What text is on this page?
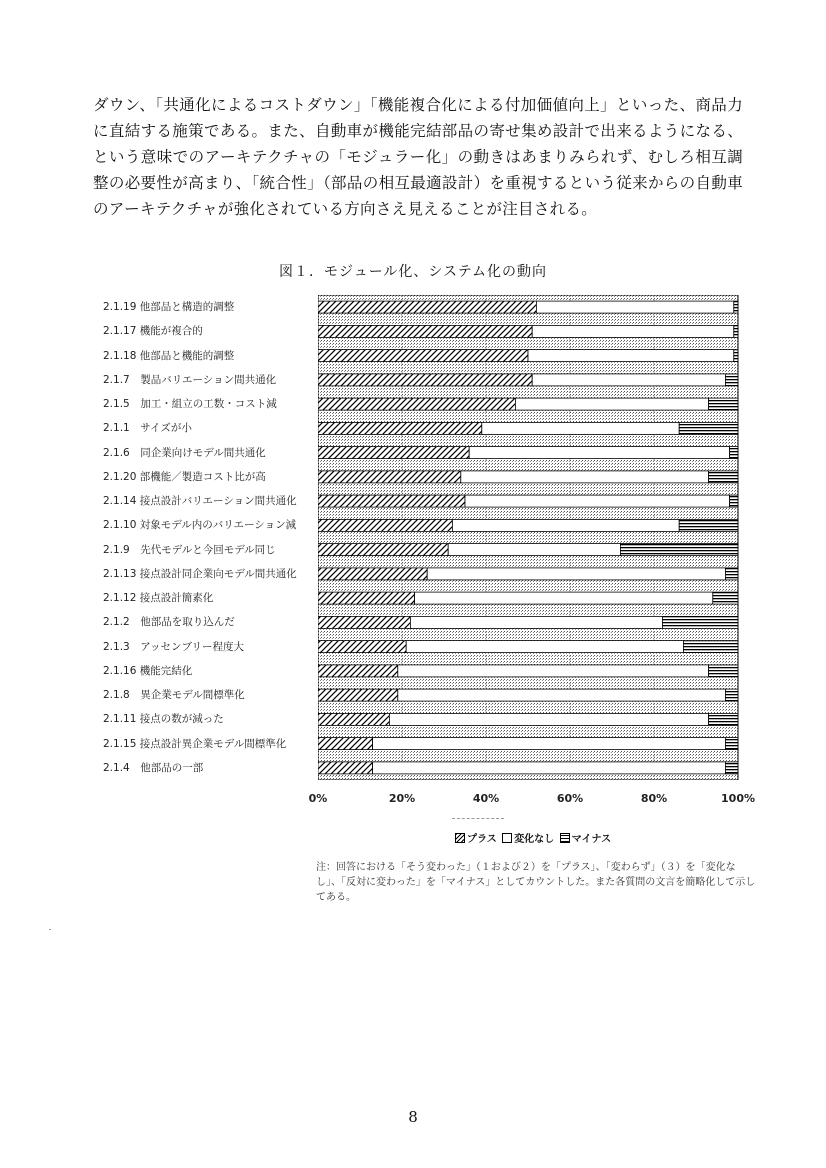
ダウン、「共通化によるコストダウン」「機能複合化による付加価値向上」といった、商品力に直結する施策である。また、自動車が機能完結部品の寄せ集め設計で出来るようになる、という意味でのアーキテクチャの「モジュラー化」の動きはあまりみられず、むしろ相互調整の必要性が高まり、「統合性」（部品の相互最適設計）を重視するという従来からの自動車のアーキテクチャが強化されている方向さえ見えることが注目される。

図１．モジュール化、システム化の動向
2.1.19 他部品と構造的調整
2.1.17 機能が複合的
2.1.18 他部品と機能的調整
2.1.7　製品バリエーション間共通化
2.1.5　加工・組立の工数・コスト減
2.1.1　サイズが小
2.1.6　同企業向けモデル間共通化
2.1.20 部機能／製造コスト比が高
2.1.14 接点設計バリエーション間共通化
2.1.10 対象モデル内のバリエーション減
2.1.9　先代モデルと今回モデル同じ
2.1.13 接点設計同企業向モデル間共通化
2.1.12 接点設計簡素化
2.1.2　他部品を取り込んだ
2.1.3　アッセンブリー程度大
2.1.16 機能完結化
2.1.8　異企業モデル間標準化
2.1.11 接点の数が減った
2.1.15 接点設計異企業モデル間標準化
2.1.4　他部品の一部
0%	20%	40%	60%	80%	100%
プラス 変化なし マイナス

注：回答における「そう変わった」（１および２）を「プラス」、「変わらず」（３）を「変化なし」、「反対に変わった」を「マイナス」としてカウントした。また各質問の文言を簡略化して示してある。

8
